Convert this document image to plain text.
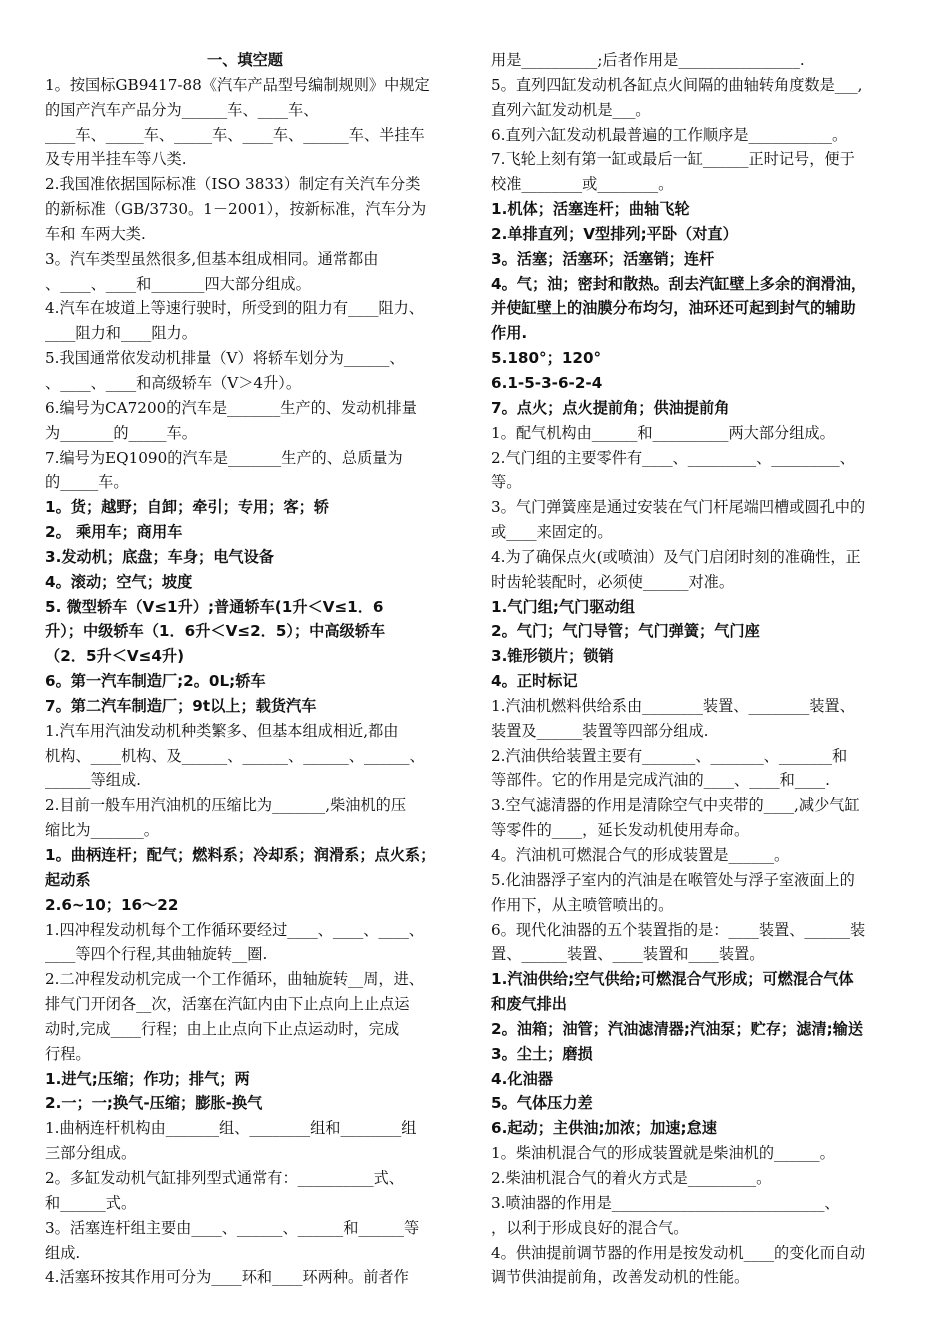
一、填空题
1。按国标GB9417-88《汽车产品型号编制规则》中规定
的国产汽车产品分为______车、____车、
____车、_____车、_____车、____车、______车、半挂车
及专用半挂车等八类.
2.我国准依据国际标准（ISO 3833）制定有关汽车分类
的新标准（GB/3730。1－2001），按新标准，汽车分为
车和 车两大类.
3。汽车类型虽然很多,但基本组成相同。通常都由
、____、____和_______四大部分组成。
4.汽车在坡道上等速行驶时，所受到的阻力有____阻力、
____阻力和____阻力。
5.我国通常依发动机排量（V）将轿车划分为______、
、____、____和高级轿车（V＞4升）。
6.编号为CA7200的汽车是_______生产的、发动机排量
为_______的_____车。
7.编号为EQ1090的汽车是_______生产的、总质量为
的_____车。
1。货；越野；自卸；牵引；专用；客；轿
2。 乘用车；商用车
3.发动机；底盘；车身；电气设备
4。滚动；空气；坡度
5. 微型轿车（V≤1升）;普通轿车(1升＜V≤1．6
升）；中级轿车（1．6升＜V≤2．5）；中高级轿车
（2．5升＜V≤4升)
6。第一汽车制造厂;2。0L;轿车
7。第二汽车制造厂；9t以上；载货汽车
1.汽车用汽油发动机种类繁多、但基本组成相近,都由
机构、____机构、及______、______、______、______、
______等组成.
2.目前一般车用汽油机的压缩比为_______,柴油机的压
缩比为_______。
1。曲柄连杆；配气；燃料系；冷却系；润滑系；点火系；
起动系
2.6~10；16～22
1.四冲程发动机每个工作循环要经过____、____、____、
____等四个行程,其曲轴旋转__圈.
2.二冲程发动机完成一个工作循环，曲轴旋转__周，进、
排气门开闭各__次，活塞在汽缸内由下止点向上止点运
动时,完成____行程；由上止点向下止点运动时，完成
行程。
1.进气;压缩；作功；排气；两
2.一；一;换气-压缩；膨胀-换气
1.曲柄连杆机构由_______组、________组和________组
三部分组成。
2。多缸发动机气缸排列型式通常有：__________式、
和______式。
3。活塞连杆组主要由____、______、______和______等
组成.
4.活塞环按其作用可分为____环和____环两种。前者作
用是__________;后者作用是________________.
5。直列四缸发动机各缸点火间隔的曲轴转角度数是___,
直列六缸发动机是___。
6.直列六缸发动机最普遍的工作顺序是___________。
7.飞轮上刻有第一缸或最后一缸______正时记号，便于
校准________或________。
1.机体；活塞连杆；曲轴飞轮
2.单排直列；V型排列;平卧（对直）
3。活塞；活塞环；活塞销；连杆
4。气；油；密封和散热。刮去汽缸壁上多余的润滑油，
并使缸壁上的油膜分布均匀，油环还可起到封气的辅助
作用.
5.180°；120°
6.1-5-3-6-2-4
7。点火；点火提前角；供油提前角
1。配气机构由______和__________两大部分组成。
2.气门组的主要零件有____、_________、_________、
等。
3。气门弹簧座是通过安装在气门杆尾端凹槽或圆孔中的
或____来固定的。
4.为了确保点火(或喷油）及气门启闭时刻的准确性，正
时齿轮装配时，必须使______对准。
1.气门组;气门驱动组
2。气门；气门导管；气门弹簧；气门座
3.锥形锁片；锁销
4。正时标记
1.汽油机燃料供给系由________装置、________装置、
装置及______装置等四部分组成.
2.汽油供给装置主要有_______、_______、_______和
等部件。它的作用是完成汽油的____、____和____.
3.空气滤清器的作用是清除空气中夹带的____,减少气缸
等零件的____，延长发动机使用寿命。
4。汽油机可燃混合气的形成装置是______。
5.化油器浮子室内的汽油是在喉管处与浮子室液面上的
作用下，从主喷管喷出的。
6。现代化油器的五个装置指的是：____装置、______装
置、______装置、____装置和____装置。
1.汽油供给;空气供给;可燃混合气形成；可燃混合气体
和废气排出
2。油箱；油管；汽油滤清器;汽油泵；贮存；滤清;输送
3。尘土；磨损
4.化油器
5。气体压力差
6.起动；主供油;加浓；加速;怠速
1。柴油机混合气的形成装置就是柴油机的______。
2.柴油机混合气的着火方式是_________。
3.喷油器的作用是____________________________、
，以利于形成良好的混合气。
4。供油提前调节器的作用是按发动机____的变化而自动
调节供油提前角，改善发动机的性能。
